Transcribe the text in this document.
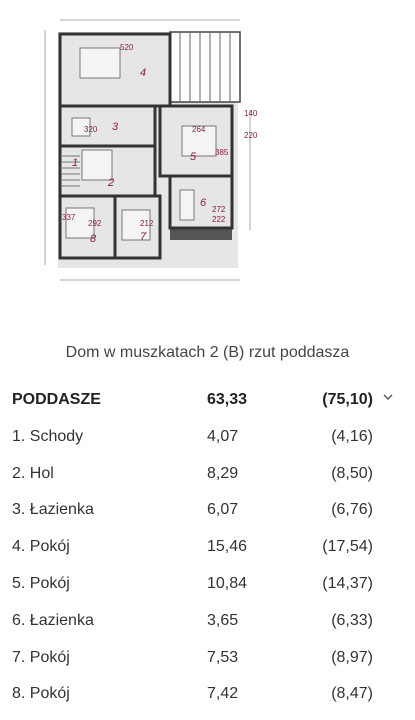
1
2
3
4
5
6
7
8
520
320	264
212
292
385
337
140
220
272
222
Dom w muszkatach 2 (B) rzut poddasza
PODDASZE	63,33	(75,10)
1. Schody	4,07	(4,16)
2. Hol	8,29	(8,50)
3. Łazienka	6,07	(6,76)
4. Pokój	15,46	(17,54)
5. Pokój	10,84	(14,37)
6. Łazienka	3,65	(6,33)
7. Pokój	7,53	(8,97)
8. Pokój	7,42	(8,47)
